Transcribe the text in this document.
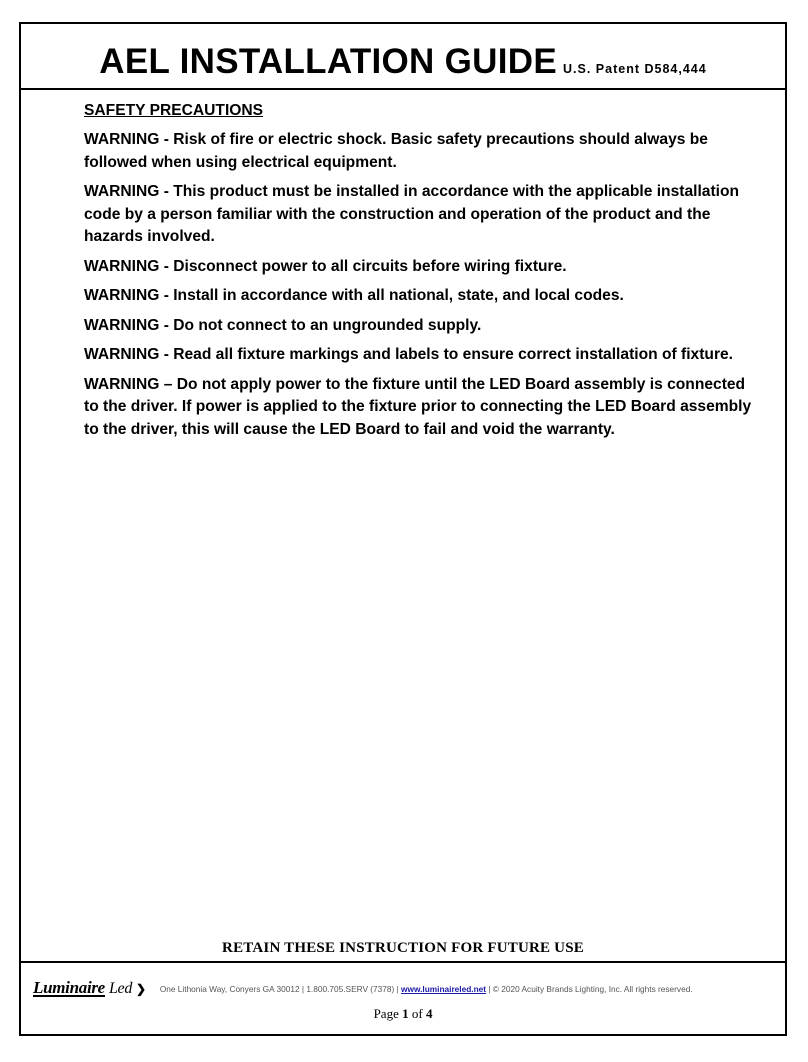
AEL INSTALLATION GUIDE U.S. Patent D584,444

SAFETY PRECAUTIONS

WARNING - Risk of fire or electric shock. Basic safety precautions should always be followed when using electrical equipment.

WARNING - This product must be installed in accordance with the applicable installation code by a person familiar with the construction and operation of the product and the hazards involved.

WARNING - Disconnect power to all circuits before wiring fixture.

WARNING - Install in accordance with all national, state, and local codes.

WARNING - Do not connect to an ungrounded supply.

WARNING - Read all fixture markings and labels to ensure correct installation of fixture.

WARNING – Do not apply power to the fixture until the LED Board assembly is connected to the driver. If power is applied to the fixture prior to connecting the LED Board assembly to the driver, this will cause the LED Board to fail and void the warranty.

RETAIN THESE INSTRUCTION FOR FUTURE USE
Luminaire Led ❯ One Lithonia Way, Conyers GA 30012 | 1.800.705.SERV (7378) | www.luminaireled.net | © 2020 Acuity Brands Lighting, Inc. All rights reserved.
Page 1 of 4
